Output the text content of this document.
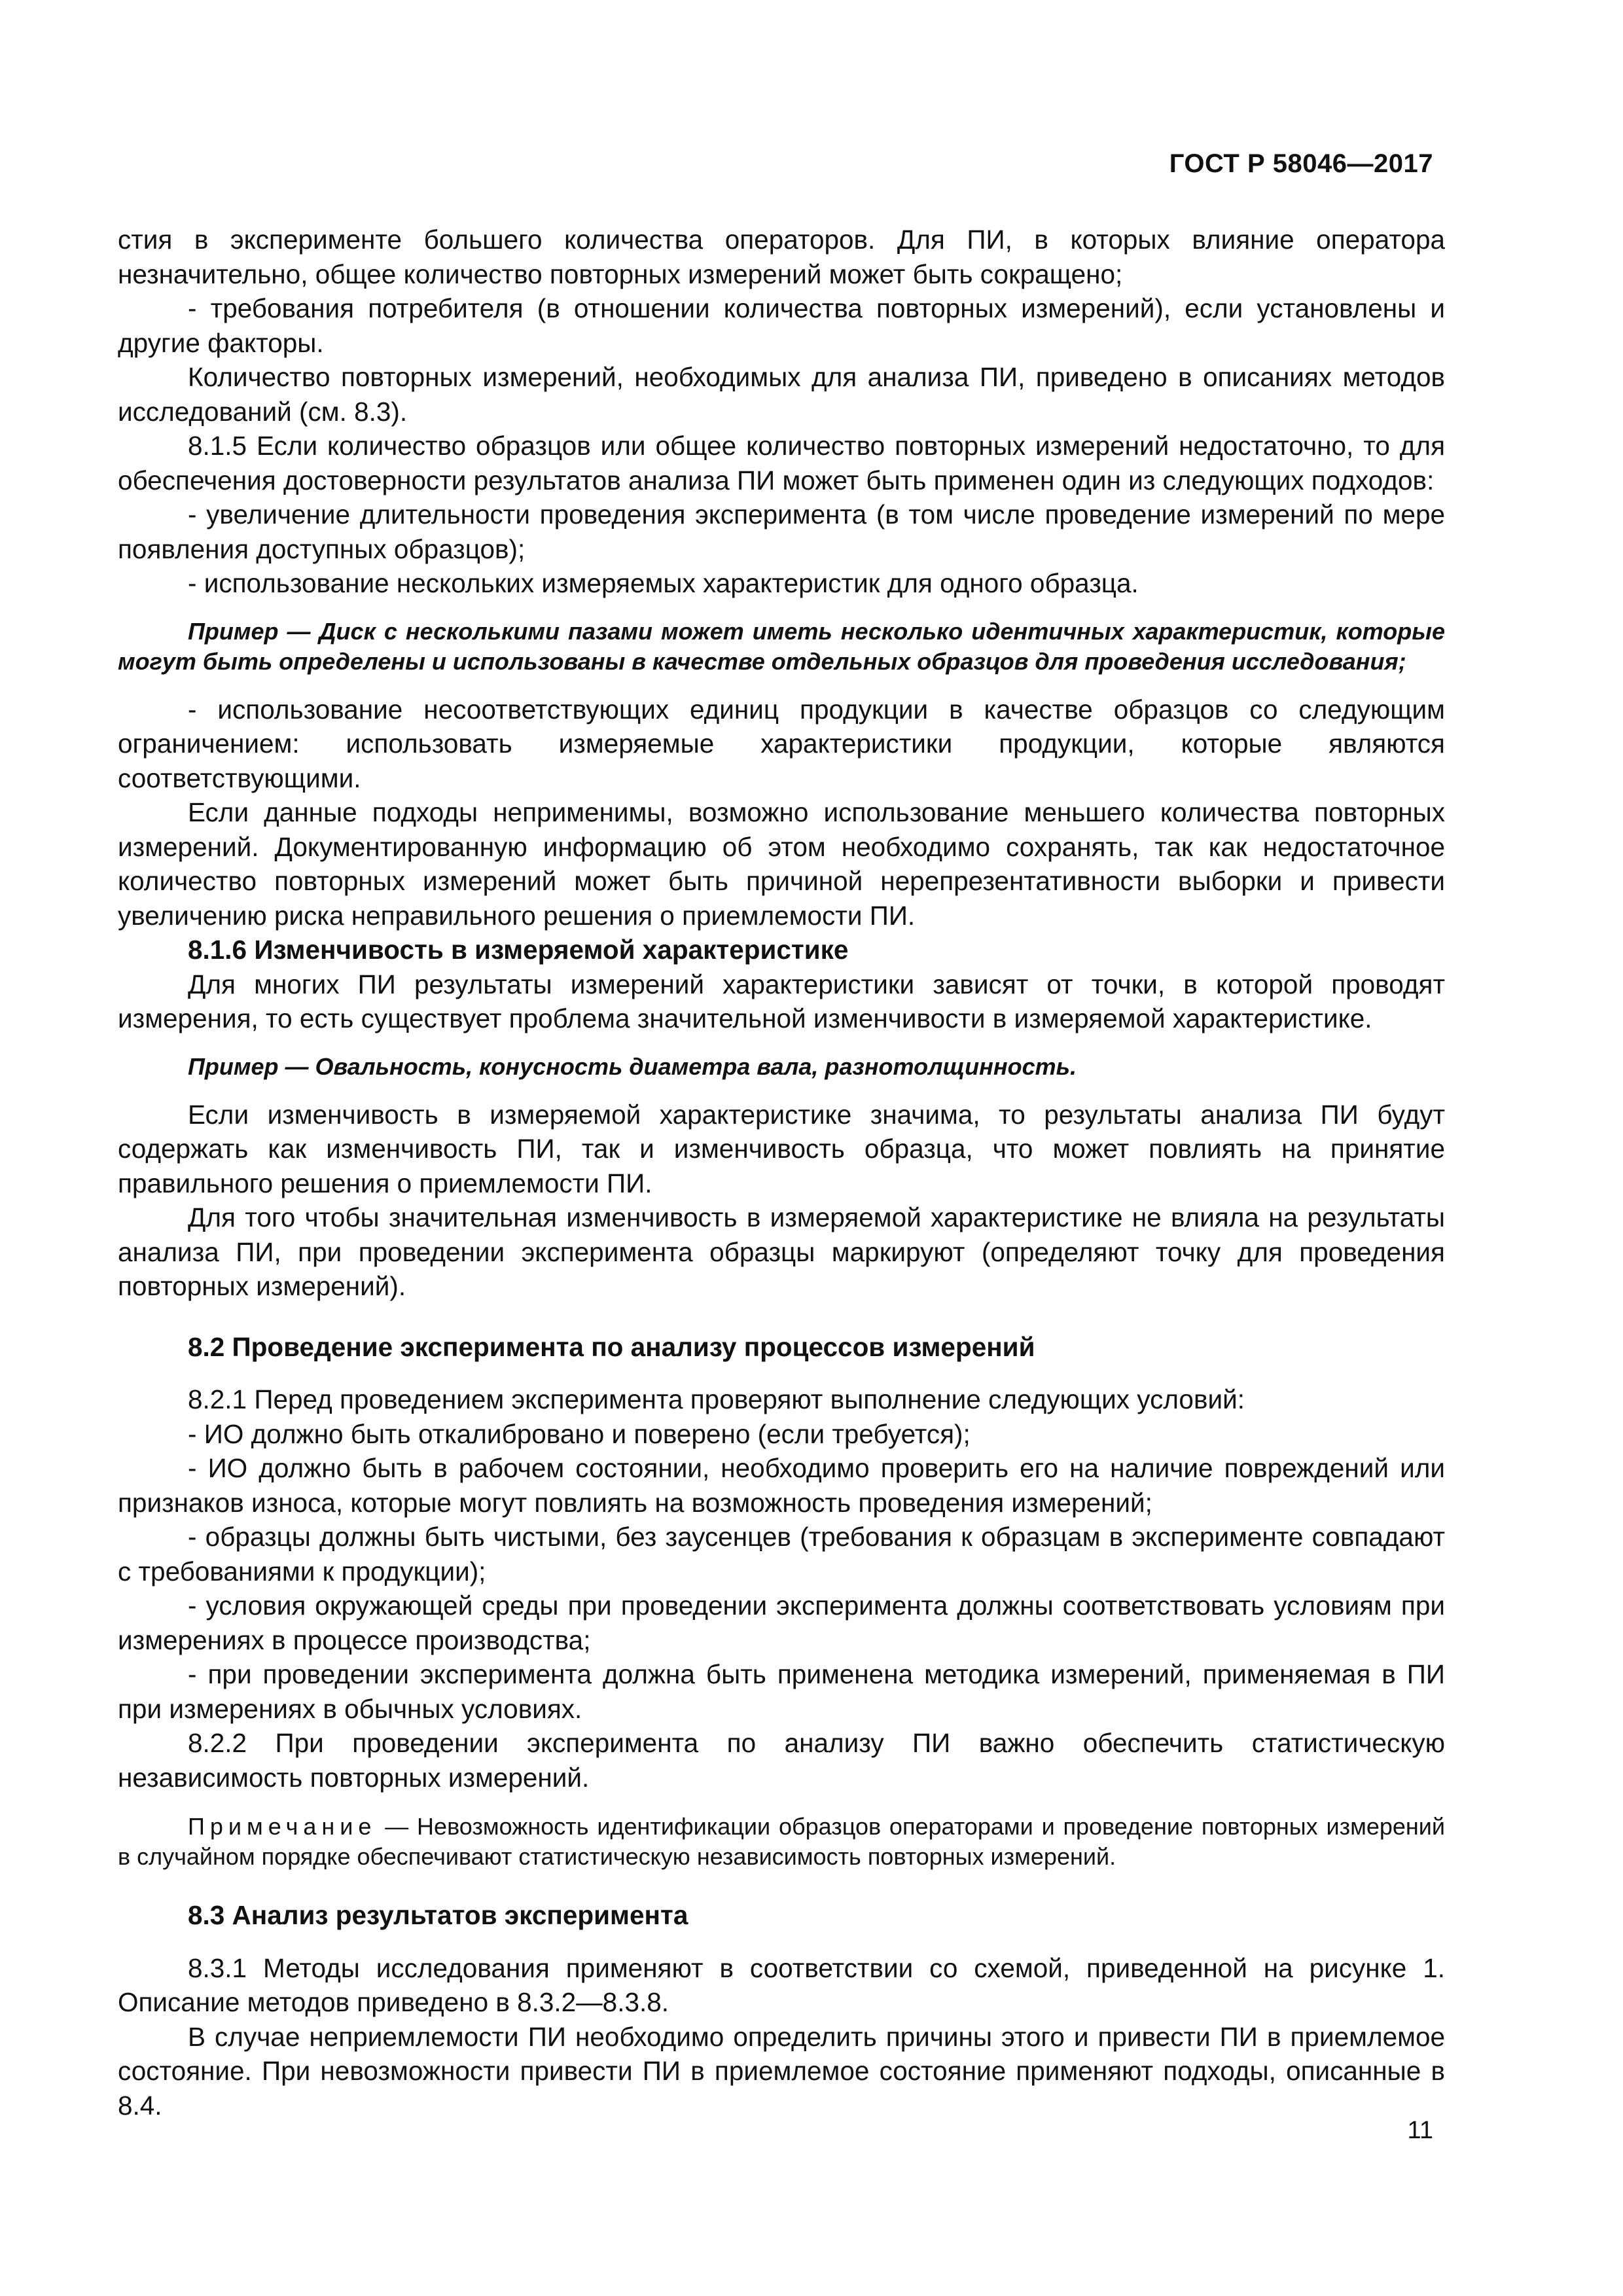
ГОСТ Р 58046—2017

стия в эксперименте большего количества операторов. Для ПИ, в которых влияние оператора незначительно, общее количество повторных измерений может быть сокращено;

- требования потребителя (в отношении количества повторных измерений), если установлены и другие факторы.

Количество повторных измерений, необходимых для анализа ПИ, приведено в описаниях методов исследований (см. 8.3).

8.1.5 Если количество образцов или общее количество повторных измерений недостаточно, то для обеспечения достоверности результатов анализа ПИ может быть применен один из следующих подходов:

- увеличение длительности проведения эксперимента (в том числе проведение измерений по мере появления доступных образцов);

- использование нескольких измеряемых характеристик для одного образца.

Пример — Диск с несколькими пазами может иметь несколько идентичных характеристик, которые могут быть определены и использованы в качестве отдельных образцов для проведения исследования;

- использование несоответствующих единиц продукции в качестве образцов со следующим ограничением: использовать измеряемые характеристики продукции, которые являются соответствующими.

Если данные подходы неприменимы, возможно использование меньшего количества повторных измерений. Документированную информацию об этом необходимо сохранять, так как недостаточное количество повторных измерений может быть причиной нерепрезентативности выборки и привести увеличению риска неправильного решения о приемлемости ПИ.

8.1.6 Изменчивость в измеряемой характеристике

Для многих ПИ результаты измерений характеристики зависят от точки, в которой проводят измерения, то есть существует проблема значительной изменчивости в измеряемой характеристике.

Пример — Овальность, конусность диаметра вала, разнотолщинность.

Если изменчивость в измеряемой характеристике значима, то результаты анализа ПИ будут содержать как изменчивость ПИ, так и изменчивость образца, что может повлиять на принятие правильного решения о приемлемости ПИ.

Для того чтобы значительная изменчивость в измеряемой характеристике не влияла на результаты анализа ПИ, при проведении эксперимента образцы маркируют (определяют точку для проведения повторных измерений).

8.2 Проведение эксперимента по анализу процессов измерений

8.2.1 Перед проведением эксперимента проверяют выполнение следующих условий:

- ИО должно быть откалибровано и поверено (если требуется);

- ИО должно быть в рабочем состоянии, необходимо проверить его на наличие повреждений или признаков износа, которые могут повлиять на возможность проведения измерений;

- образцы должны быть чистыми, без заусенцев (требования к образцам в эксперименте совпадают с требованиями к продукции);

- условия окружающей среды при проведении эксперимента должны соответствовать условиям при измерениях в процессе производства;

- при проведении эксперимента должна быть применена методика измерений, применяемая в ПИ при измерениях в обычных условиях.

8.2.2 При проведении эксперимента по анализу ПИ важно обеспечить статистическую независимость повторных измерений.

Примечание — Невозможность идентификации образцов операторами и проведение повторных измерений в случайном порядке обеспечивают статистическую независимость повторных измерений.

8.3 Анализ результатов эксперимента

8.3.1 Методы исследования применяют в соответствии со схемой, приведенной на рисунке 1. Описание методов приведено в 8.3.2—8.3.8.

В случае неприемлемости ПИ необходимо определить причины этого и привести ПИ в приемлемое состояние. При невозможности привести ПИ в приемлемое состояние применяют подходы, описанные в 8.4.

11
